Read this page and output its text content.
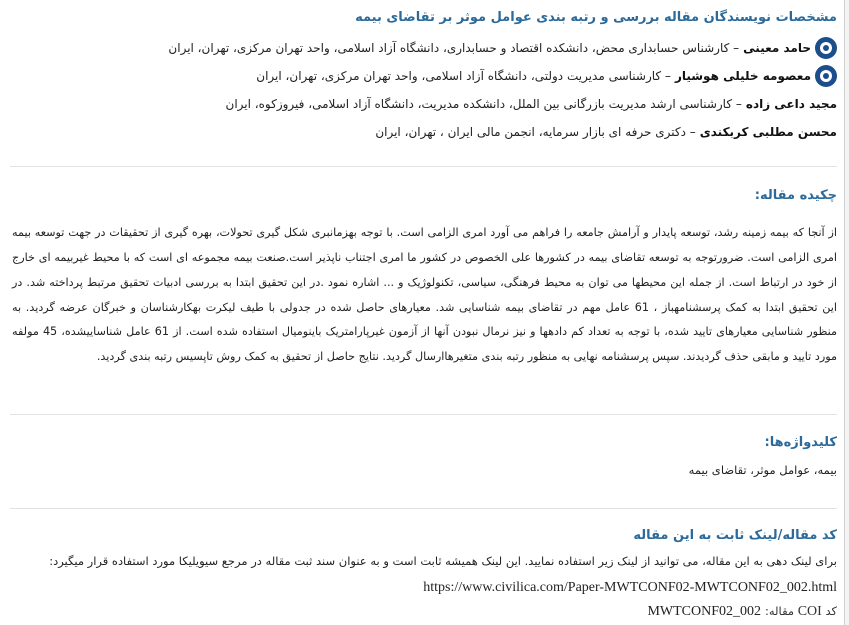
مشخصات نویسندگان مقاله بررسی و رتبه بندی عوامل موثر بر تقاضای بیمه
حامد معینی
– کارشناس حسابداری محض، دانشکده اقتصاد و حسابداری، دانشگاه آزاد اسلامی، واحد تهران مرکزی، تهران، ایران
معصومه خلیلی هوشیار
– کارشناسی مدیریت دولتی، دانشگاه آزاد اسلامی، واحد تهران مرکزی، تهران، ایران
مجید داعی زاده
– کارشناسی ارشد مدیریت بازرگانی بین الملل، دانشکده مدیریت، دانشگاه آزاد اسلامی، فیروزکوه، ایران
محسن مطلبی کربکندی
– دکتری حرفه ای بازار سرمایه، انجمن مالی ایران ، تهران، ایران
چکیده مقاله:

از آنجا که بیمه زمینه رشد، توسعه پایدار و آرامش جامعه را فراهم می آورد امری الزامی است. با توجه بهزمانبری شکل گیری تحولات، بهره گیری از تحقیقات در جهت توسعه بیمه امری الزامی است. ضرورتوجه به توسعه تقاضای بیمه در کشورها علی الخصوص در کشور ما امری اجتناب ناپذیر است.صنعت بیمه مجموعه ای است که با محیط غیربیمه ای خارج از خود در ارتباط است. از جمله این محیطها می توان به محیط فرهنگی، سیاسی، تکنولوژیک و ... اشاره نمود .در این تحقیق ابتدا به بررسی ادبیات تحقیق مرتبط پرداخته شد. در این تحقیق ابتدا به کمک پرسشنامهباز ، 61 عامل مهم در تقاضای بیمه شناسایی شد. معیارهای حاصل شده در جدولی با طیف لیکرت بهکارشناسان و خبرگان عرضه گردید. به منظور شناسایی معیارهای تایید شده، با توجه به تعداد کم دادهها و نیز نرمال نبودن آنها از آزمون غیرپارامتریک باینومیال استفاده شده است. از 61 عامل شناساییشده، 45 مولفه مورد تایید و مابقی حذف گردیدند. سپس پرسشنامه نهایی به منظور رتبه بندی متغیرهاارسال گردید. نتایج حاصل از تحقیق به کمک روش تاپسیس رتبه بندی گردید.

کلیدواژه‌ها:
بیمه، عوامل موثر، تقاضای بیمه
کد مقاله/لینک ثابت به این مقاله
برای لینک دهی به این مقاله، می توانید از لینک زیر استفاده نمایید. این لینک همیشه ثابت است و به عنوان سند ثبت مقاله در مرجع سیویلیکا مورد استفاده قرار میگیرد:
https://www.civilica.com/Paper-MWTCONF02-MWTCONF02_002.html
کد COI مقاله:
MWTCONF02_002
